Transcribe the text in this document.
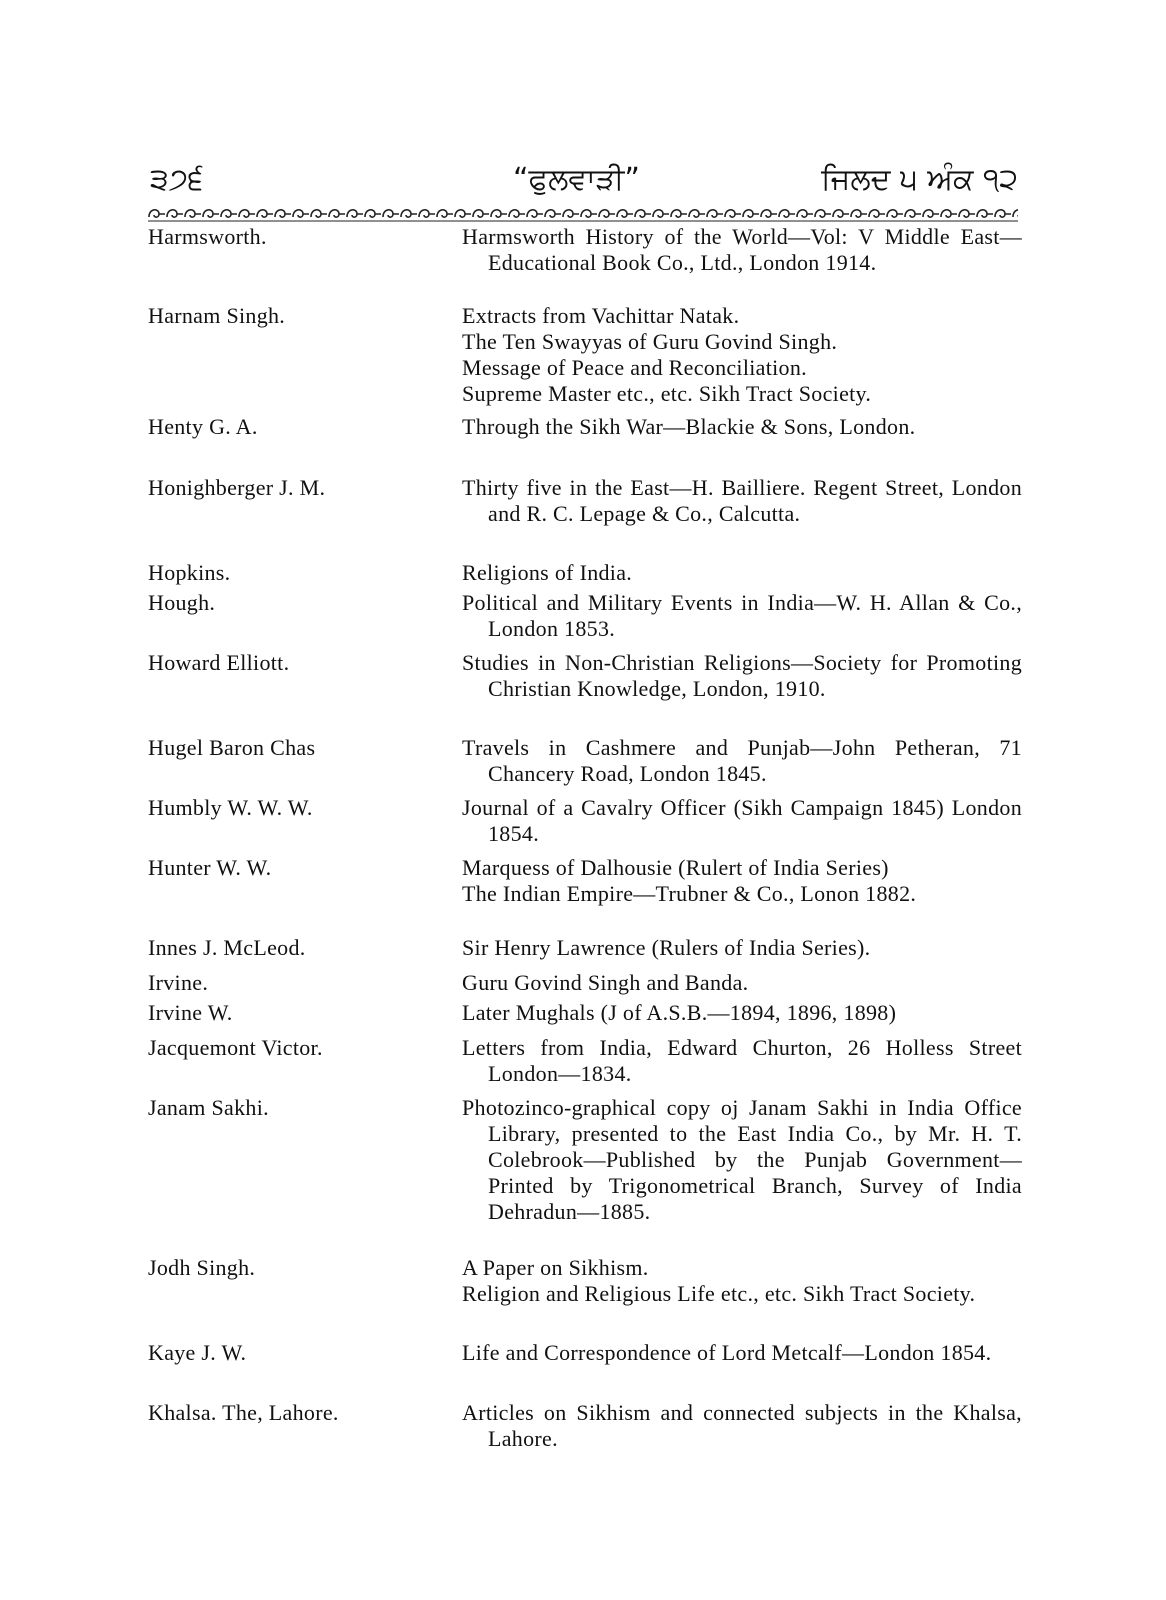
੩੭੬	“ਫੁਲਵਾੜੀ”	ਜਿਲਦ ੫ ਅੰਕ ੧੨
Harmsworth.	Harmsworth History of the World—Vol: V Middle East—Educational Book Co., Ltd., London 1914.
Harnam Singh.	Extracts from Vachittar Natak.
The Ten Swayyas of Guru Govind Singh.
Message of Peace and Reconciliation.
Supreme Master etc., etc. Sikh Tract Society.
Henty G. A.	Through the Sikh War—Blackie & Sons, London.
Honighberger J. M.	Thirty five in the East—H. Bailliere. Regent Street, London and R. C. Lepage & Co., Calcutta.
Hopkins.	Religions of India.
Hough.	Political and Military Events in India—W. H. Allan & Co., London 1853.
Howard Elliott.	Studies in Non-Christian Religions—Society for Promoting Christian Knowledge, London, 1910.
Hugel Baron Chas	Travels in Cashmere and Punjab—John Petheran, 71 Chancery Road, London 1845.
Humbly W. W. W.	Journal of a Cavalry Officer (Sikh Campaign 1845) London 1854.
Hunter W. W.	Marquess of Dalhousie (Rulert of India Series)
The Indian Empire—Trubner & Co., Lonon 1882.
Innes J. McLeod.	Sir Henry Lawrence (Rulers of India Series).
Irvine.	Guru Govind Singh and Banda.
Irvine W.	Later Mughals (J of A.S.B.—1894, 1896, 1898)
Jacquemont Victor.	Letters from India, Edward Churton, 26 Holless Street London—1834.
Janam Sakhi.	Photozinco-graphical copy oj Janam Sakhi in India Office Library, presented to the East India Co., by Mr. H. T. Colebrook—Published by the Punjab Government—Printed by Trigonometrical Branch, Survey of India Dehradun—1885.
Jodh Singh.	A Paper on Sikhism.
Religion and Religious Life etc., etc. Sikh Tract Society.
Kaye J. W.	Life and Correspondence of Lord Metcalf—London 1854.
Khalsa. The, Lahore.	Articles on Sikhism and connected subjects in the Khalsa, Lahore.
